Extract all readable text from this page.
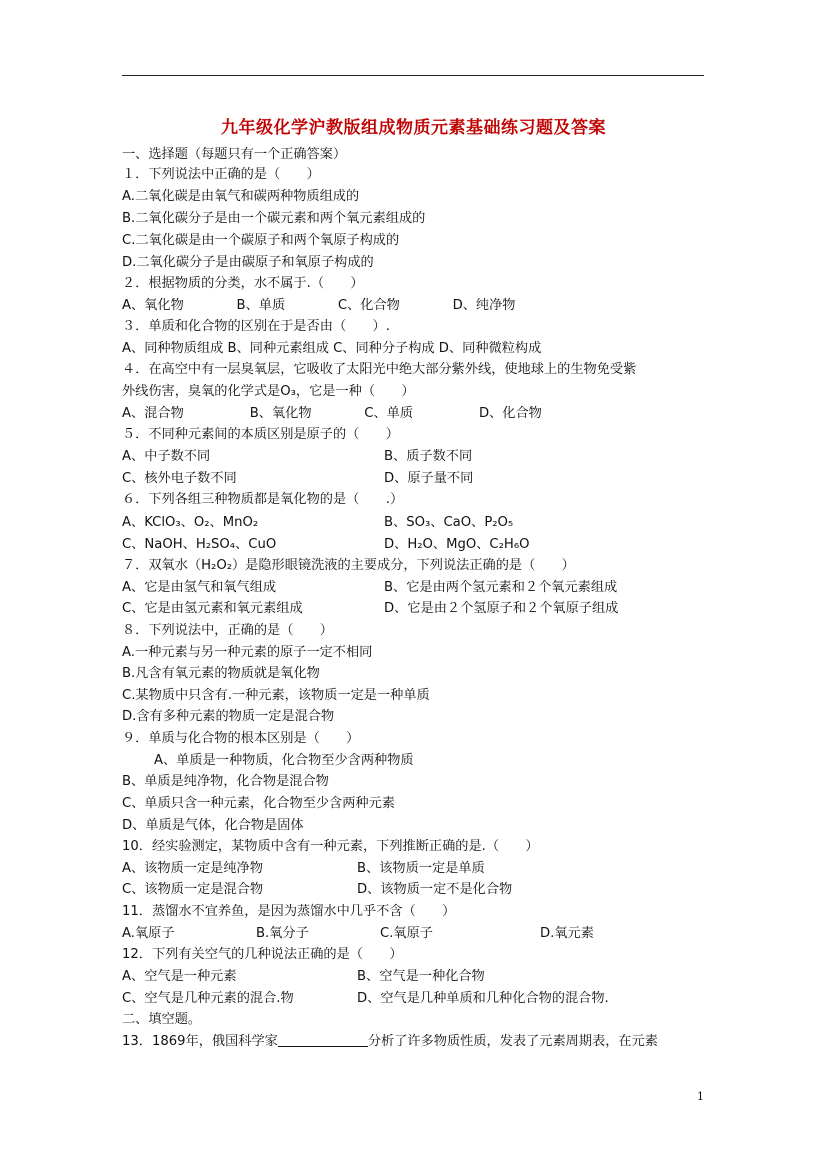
九年级化学沪教版组成物质元素基础练习题及答案
一、选择题（每题只有一个正确答案）
１．下列说法中正确的是（　　）
A.二氧化碳是由氧气和碳两种物质组成的
B.二氧化碳分子是由一个碳元素和两个氧元素组成的
C.二氧化碳是由一个碳原子和两个氧原子构成的
D.二氧化碳分子是由碳原子和氧原子构成的
２．根据物质的分类，水不属于.（　　）
A、氧化物　　　　B、单质　　　　C、化合物　　　　D、纯净物
３．单质和化合物的区别在于是否由（　　）.
A、同种物质组成 B、同种元素组成 C、同种分子构成 D、同种微粒构成
４．在高空中有一层臭氧层，它吸收了太阳光中绝大部分紫外线，使地球上的生物免受紫
外线伤害，臭氧的化学式是O₃，它是一种（　　）
A、混合物　　　　　B、氧化物　　　　C、单质　　　　　D、化合物
５．不同种元素间的本质区别是原子的（　　）
A、中子数不同	B、质子数不同
C、核外电子数不同	D、原子量不同
６．下列各组三种物质都是氧化物的是（　　.）
A、KClO₃、O₂、MnO₂	B、SO₃、CaO、P₂O₅
C、NaOH、H₂SO₄、CuO	D、H₂O、MgO、C₂H₆O
７．双氧水（H₂O₂）是隐形眼镜洗液的主要成分，下列说法正确的是（　　）
A、它是由氢气和氧气组成	B、它是由两个氢元素和２个氧元素组成
C、它是由氢元素和氧元素组成	D、它是由２个氢原子和２个氧原子组成
８．下列说法中，正确的是（　　）
A.一种元素与另一种元素的原子一定不相同
B.凡含有氧元素的物质就是氧化物
C.某物质中只含有.一种元素，该物质一定是一种单质
D.含有多种元素的物质一定是混合物
９．单质与化合物的根本区别是（　　）
A、单质是一种物质，化合物至少含两种物质
B、单质是纯净物，化合物是混合物
C、单质只含一种元素，化合物至少含两种元素
D、单质是气体，化合物是固体
10．经实验测定，某物质中含有一种元素，下列推断正确的是.（　　）
A、该物质一定是纯净物	B、该物质一定是单质
C、该物质一定是混合物	D、该物质一定不是化合物
11．蒸馏水不宜养鱼，是因为蒸馏水中几乎不含（　　）
A.氧原子	B.氧分子	C.氧原子	D.氧元素
12．下列有关空气的几种说法正确的是（　　）
A、空气是一种元素	B、空气是一种化合物
C、空气是几种元素的混合.物	D、空气是几种单质和几种化合物的混合物.
二、填空题。
13．1869年，俄国科学家	分析了许多物质性质，发表了元素周期表，在元素
1
